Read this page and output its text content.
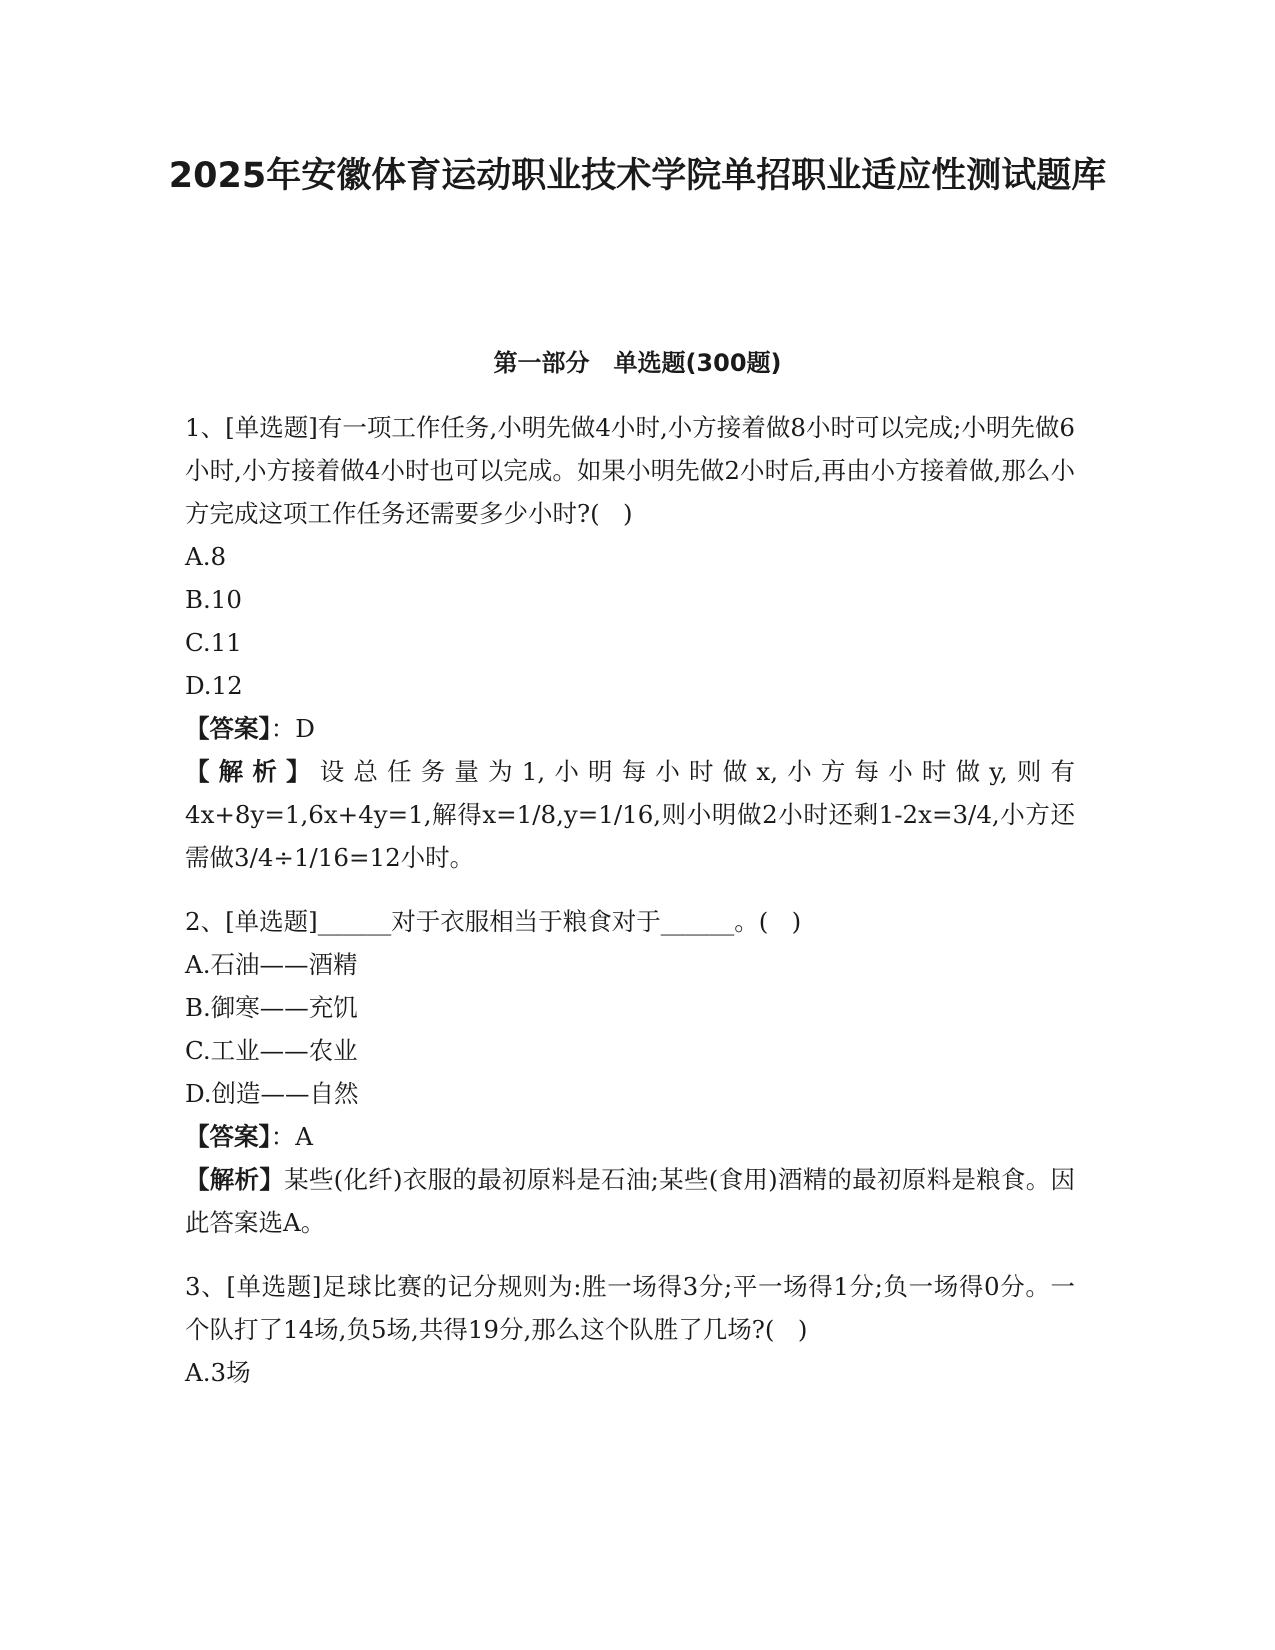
2025年安徽体育运动职业技术学院单招职业适应性测试题库
第一部分　单选题(300题)

1、[单选题]有一项工作任务,小明先做4小时,小方接着做8小时可以完成;小明先做6小时,小方接着做4小时也可以完成。如果小明先做2小时后,再由小方接着做,那么小方完成这项工作任务还需要多少小时?(   )

A.8

B.10

C.11

D.12

【答案】：D

【解析】设总任务量为1,小明每小时做x,小方每小时做y,则有4x+8y=1,6x+4y=1,解得x=1/8,y=1/16,则小明做2小时还剩1-2x=3/4,小方还需做3/4÷1/16=12小时。

2、[单选题]______对于衣服相当于粮食对于______。(   )

A.石油——酒精

B.御寒——充饥

C.工业——农业

D.创造——自然

【答案】：A

【解析】某些(化纤)衣服的最初原料是石油;某些(食用)酒精的最初原料是粮食。因此答案选A。

3、[单选题]足球比赛的记分规则为:胜一场得3分;平一场得1分;负一场得0分。一个队打了14场,负5场,共得19分,那么这个队胜了几场?(   )

A.3场
